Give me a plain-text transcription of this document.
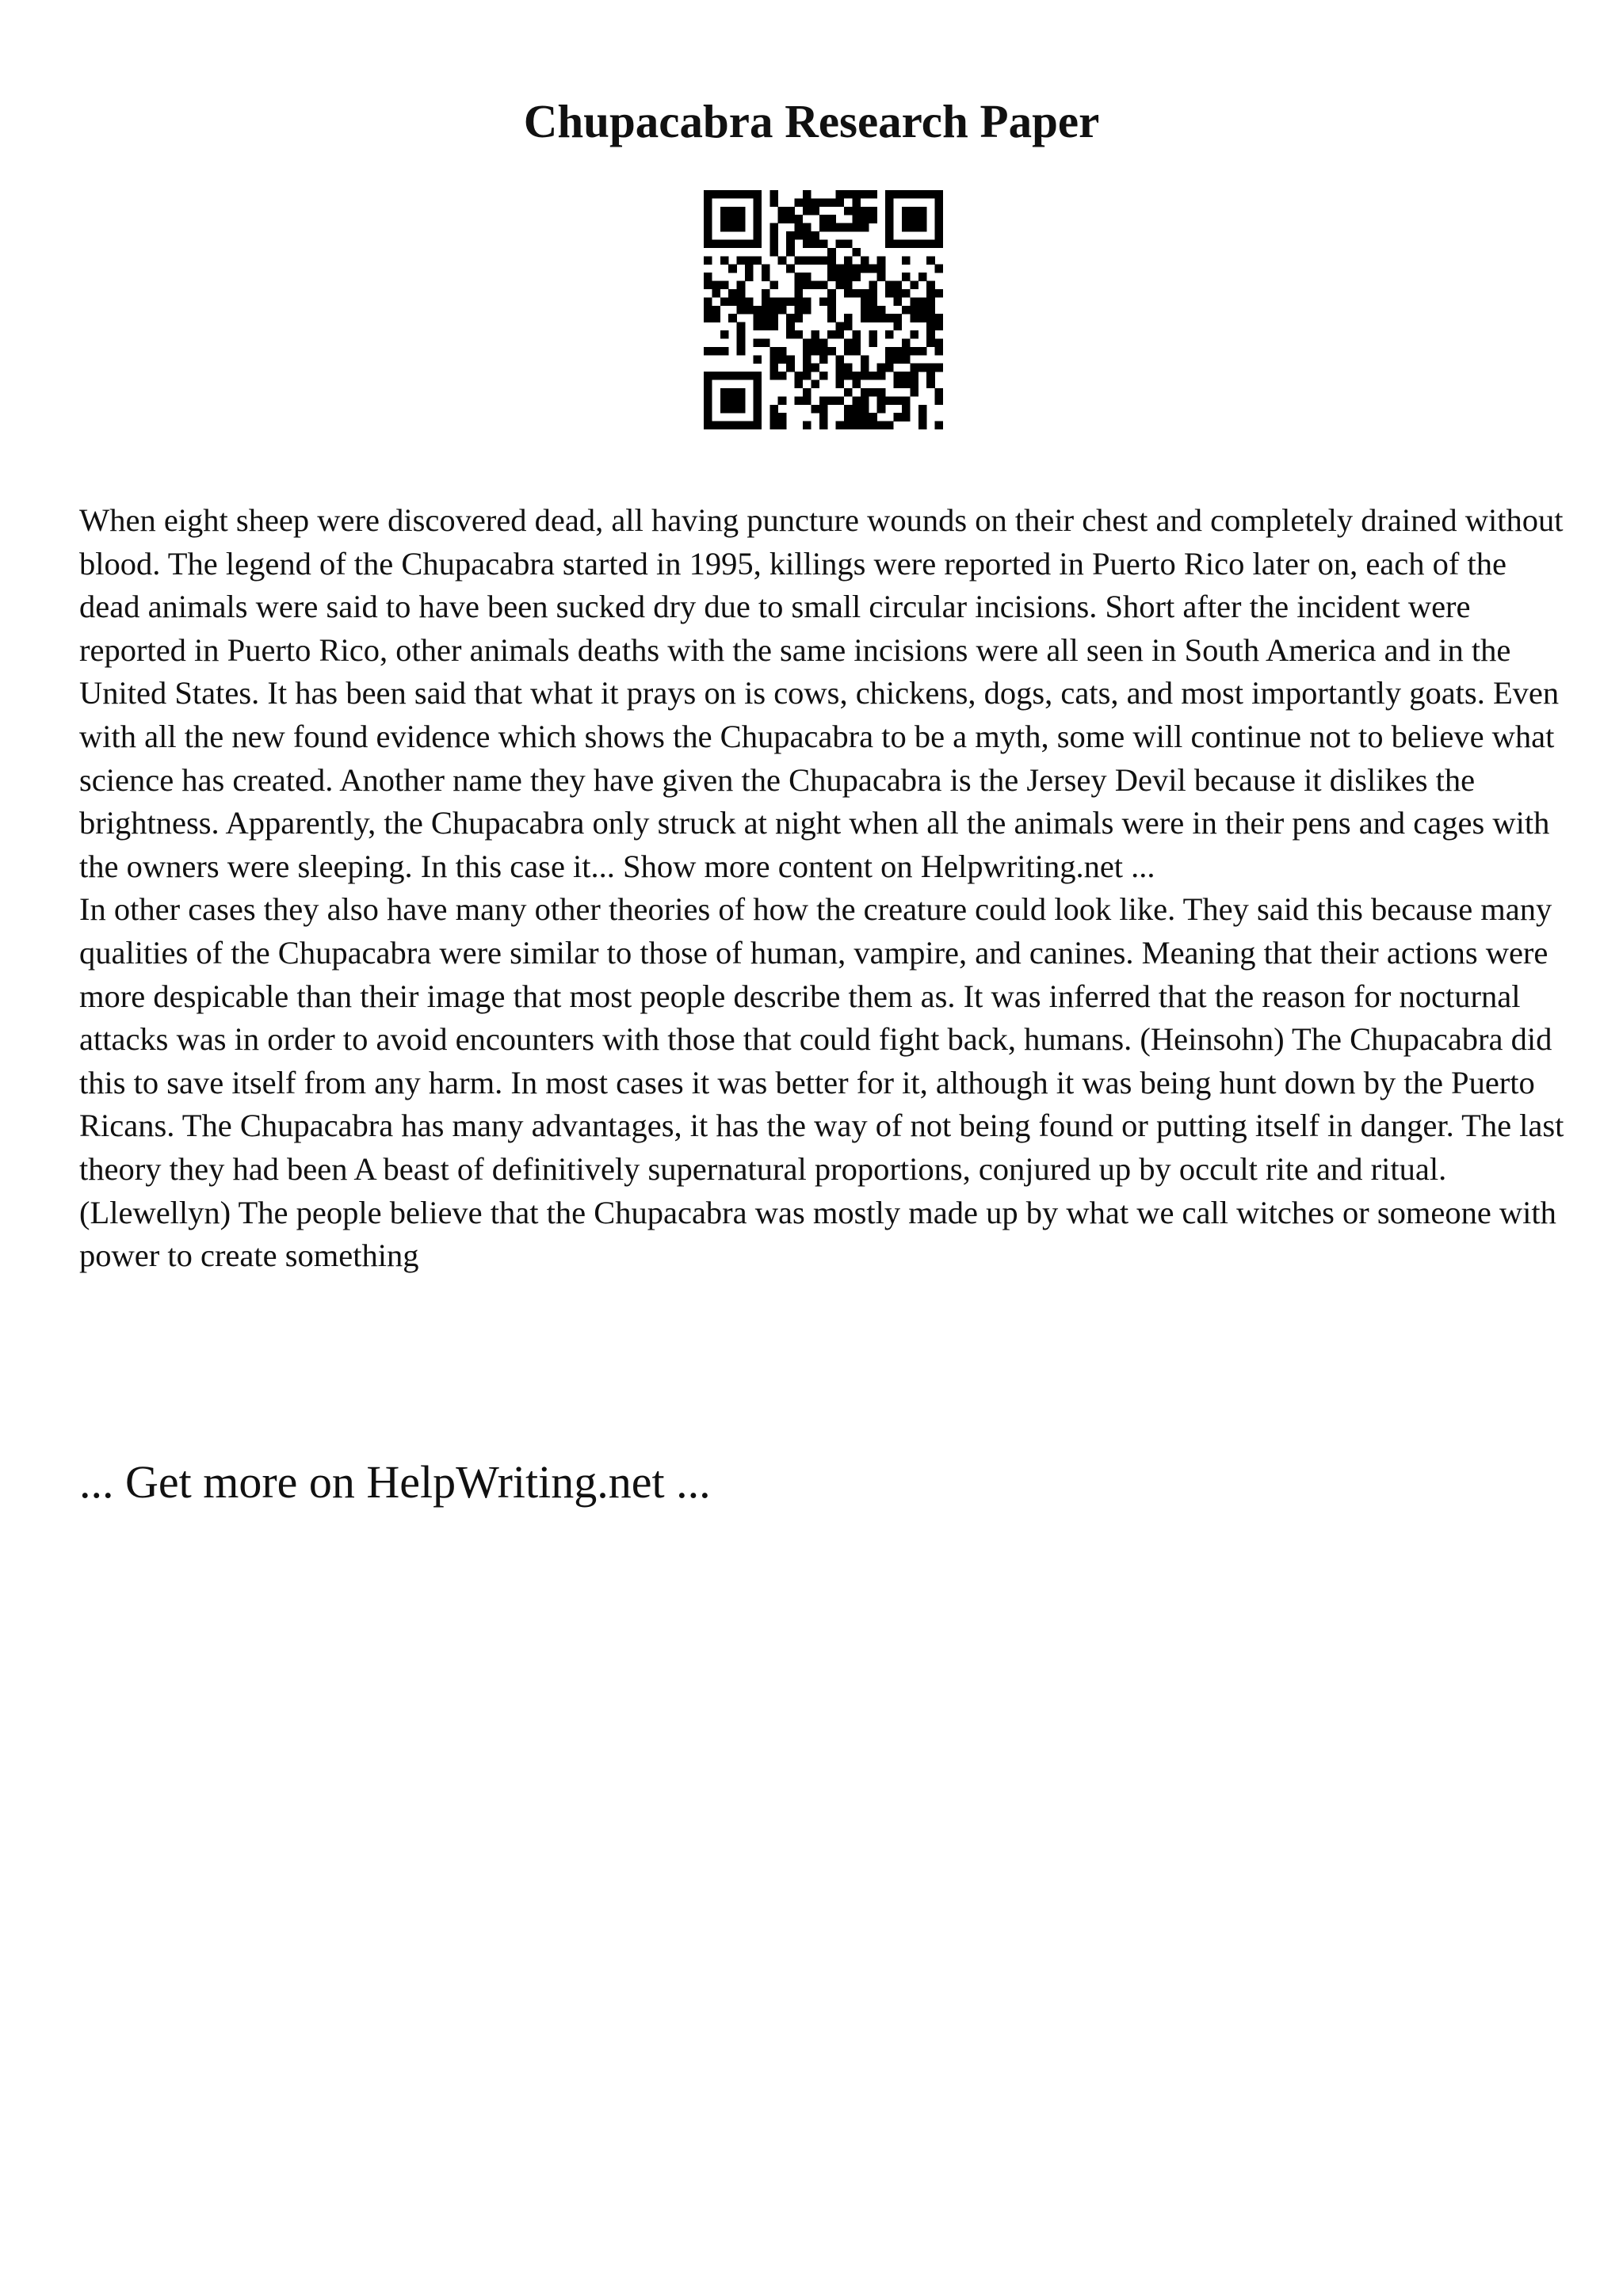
Chupacabra Research Paper

When eight sheep were discovered dead, all having puncture wounds on their chest and completely drained without blood. The legend of the Chupacabra started in 1995, killings were reported in Puerto Rico later on, each of the dead animals were said to have been sucked dry due to small circular incisions. Short after the incident were reported in Puerto Rico, other animals deaths with the same incisions were all seen in South America and in the United States. It has been said that what it prays on is cows, chickens, dogs, cats, and most importantly goats. Even with all the new found evidence which shows the Chupacabra to be a myth, some will continue not to believe what science has created. Another name they have given the Chupacabra is the Jersey Devil because it dislikes the brightness. Apparently, the Chupacabra only struck at night when all the animals were in their pens and cages with the owners were sleeping. In this case it... Show more content on Helpwriting.net ...

In other cases they also have many other theories of how the creature could look like. They said this because many qualities of the Chupacabra were similar to those of human, vampire, and canines. Meaning that their actions were more despicable than their image that most people describe them as. It was inferred that the reason for nocturnal attacks was in order to avoid encounters with those that could fight back, humans. (Heinsohn) The Chupacabra did this to save itself from any harm. In most cases it was better for it, although it was being hunt down by the Puerto Ricans. The Chupacabra has many advantages, it has the way of not being found or putting itself in danger. The last theory they had been A beast of definitively supernatural proportions, conjured up by occult rite and ritual. (Llewellyn) The people believe that the Chupacabra was mostly made up by what we call witches or someone with power to create something

... Get more on HelpWriting.net ...
